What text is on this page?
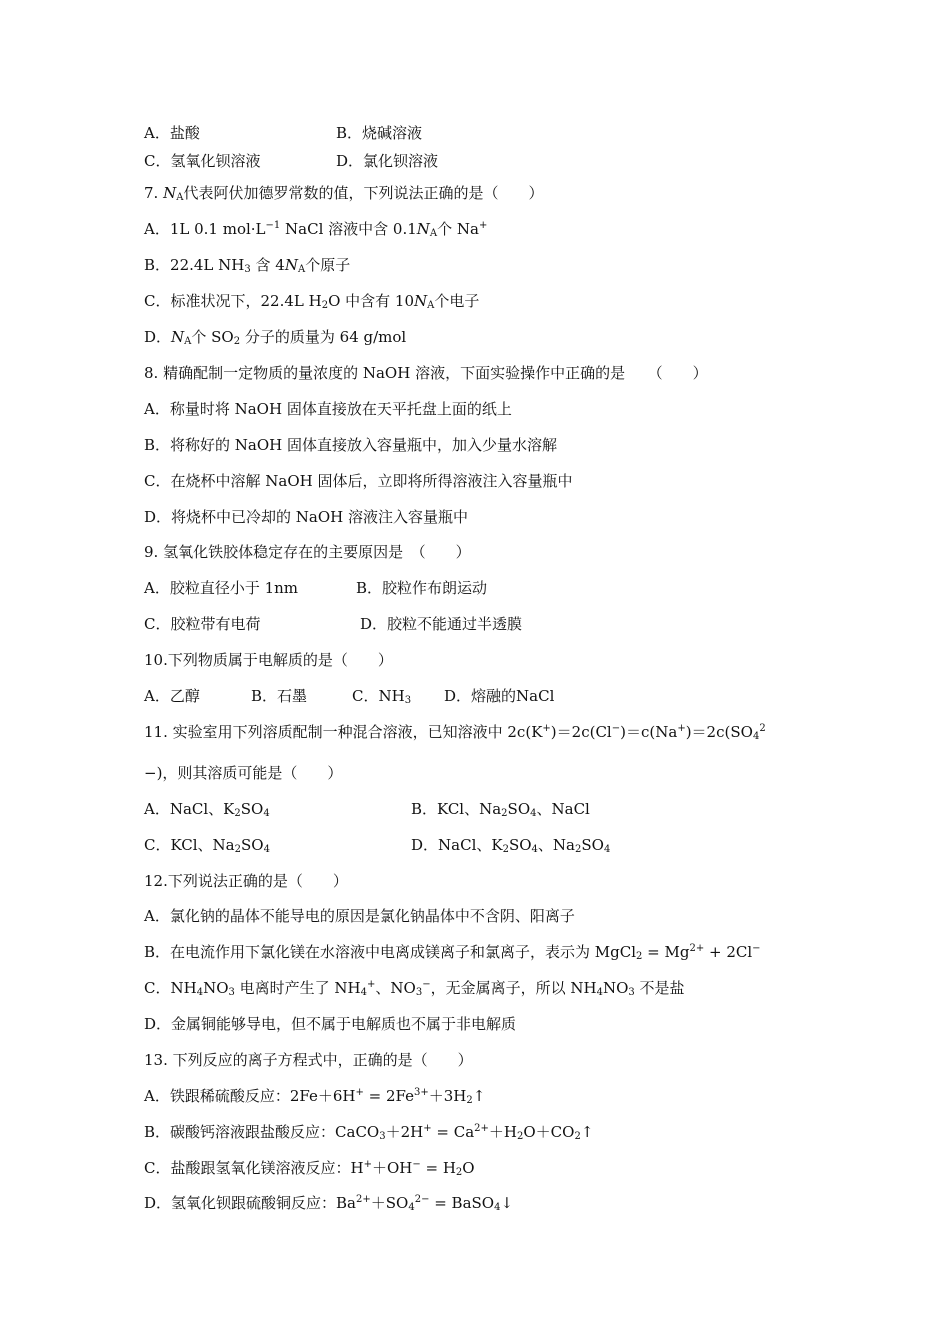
A．盐酸	B．烧碱溶液
C．氢氧化钡溶液	D．氯化钡溶液
7. $N_A$代表阿伏加德罗常数的值，下列说法正确的是（　　）
A．1L 0.1 $mol\cdot L^{-1}$ NaCl 溶液中含 $0.1N_A$个 Na+
B．22.4L $NH_3$ 含 $4N_A$个原子
C．标准状况下，22.4L $H_2O$ 中含有 $10N_A$个电子
D．$N_A$个 $SO_2$ 分子的质量为 64 g/mol
8. 精确配制一定物质的量浓度的 NaOH 溶液，下面实验操作中正确的是　　（　　）
A．称量时将 NaOH 固体直接放在天平托盘上面的纸上
B．将称好的 NaOH 固体直接放入容量瓶中，加入少量水溶解
C．在烧杯中溶解 NaOH 固体后，立即将所得溶液注入容量瓶中
D．将烧杯中已冷却的 NaOH 溶液注入容量瓶中
9. 氢氧化铁胶体稳定存在的主要原因是　（　　）
A．胶粒直径小于 1nm	B．胶粒作布朗运动
C．胶粒带有电荷	D．胶粒不能通过半透膜
10.下列物质属于电解质的是（　　）
A．乙醇	B．石墨	C．$NH_3$ D．熔融的NaCl
11. 实验室用下列溶质配制一种混合溶液，已知溶液中 $2c(K^+)=2c(Cl^-)=c(Na^+)=2c(SO_4^2$
−)，则其溶质可能是（　　）
A．NaCl、$K_2SO_4$	B．KCl、$Na_2SO_4$、NaCl
C．KCl、$Na_2SO_4$	D．NaCl、$K_2SO_4$、$Na_2SO_4$
12.下列说法正确的是（　　）
A．氯化钠的晶体不能导电的原因是氯化钠晶体中不含阴、阳离子
B．在电流作用下氯化镁在水溶液中电离成镁离子和氯离子，表示为 MgCl$_2$ = $Mg^{2+} + 2Cl^-$
C．$NH_4NO_3$ 电离时产生了 $NH_4^+$、$NO_3^-$，无金属离子，所以 $NH_4NO_3$ 不是盐
D．金属铜能够导电，但不属于电解质也不属于非电解质
13. 下列反应的离子方程式中，正确的是（　　）
A．铁跟稀硫酸反应：$2Fe+6H^+ = 2Fe^{3+}+3H_2↑$
B．碳酸钙溶液跟盐酸反应：CaCO$_3$＋2H+ = $Ca^{2+}+H_2O+CO_2↑$
C．盐酸跟氢氧化镁溶液反应：$H^++OH^- = H_2O$
D．氢氧化钡跟硫酸铜反应：$Ba^{2+}+SO_4^{2-}$ = BaSO$_4$↓
